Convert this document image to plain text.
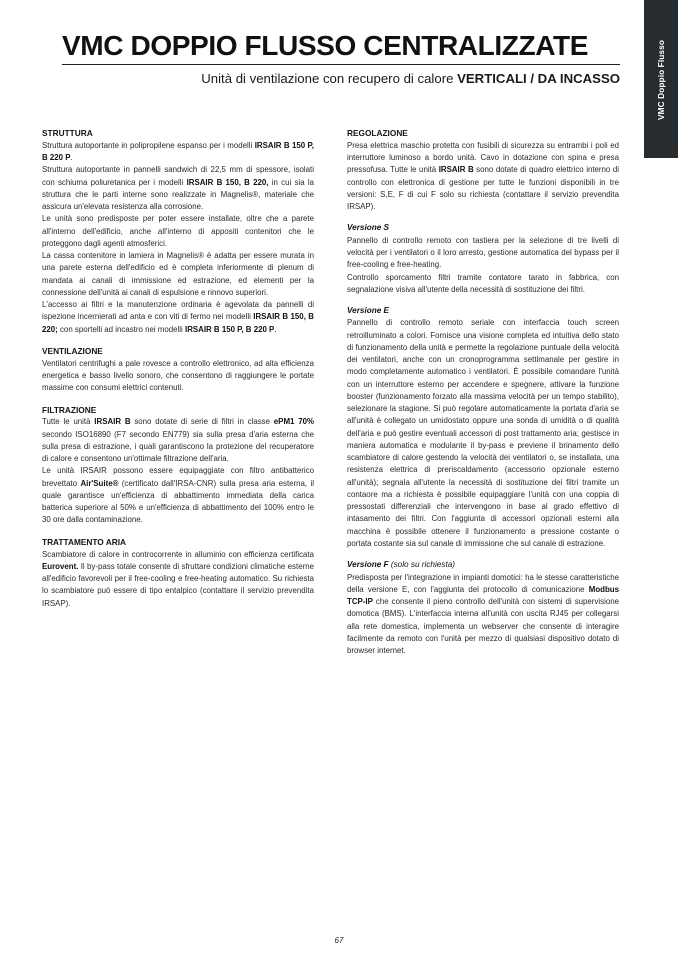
VMC DOPPIO FLUSSO CENTRALIZZATE
Unità di ventilazione con recupero di calore VERTICALI / DA INCASSO	VMC Doppio Flusso
STRUTTURA

Struttura autoportante in polipropilene espanso per i modelli IRSAIR B 150 P, B 220 P.

Struttura autoportante in pannelli sandwich di 22,5 mm di spessore, isolati con schiuma poliuretanica per i modelli IRSAIR B 150, B 220, in cui sia la struttura che le parti interne sono realizzate in Magnelis®, materiale che assicura un'elevata resistenza alla corrosione.

Le unità sono predisposte per poter essere installate, oltre che a parete all'interno dell'edificio, anche all'interno di appositi contenitori che le proteggono dagli agenti atmosferici.

La cassa contenitore in lamiera in Magnelis® è adatta per essere murata in una parete esterna dell'edificio ed è completa inferiormente di plenum di mandata ai canali di immissione ed estrazione, ed elementi per la connessione dell'unità ai canali di espulsione e rinnovo superiori.

L'accesso ai filtri e la manutenzione ordinaria è agevolata da pannelli di ispezione incernierati ad anta e con viti di fermo nei modelli IRSAIR B 150, B 220; con sportelli ad incastro nei modelli IRSAIR B 150 P, B 220 P.

VENTILAZIONE

Ventilatori centrifughi a pale rovesce a controllo elettronico, ad alta efficienza energetica e basso livello sonoro, che consentono di raggiungere le portate massime con consumi elettrici contenuti.

FILTRAZIONE

Tutte le unità IRSAIR B sono dotate di serie di filtri in classe ePM1 70% secondo ISO16890 (F7 secondo EN779) sia sulla presa d'aria esterna che sulla presa di estrazione, i quali garantiscono la protezione del recuperatore di calore e consentono un'ottimale filtrazione dell'aria.

Le unità IRSAIR possono essere equipaggiate con filtro antibatterico brevettato Air'Suite® (certificato dall'IRSA-CNR) sulla presa aria esterna, il quale garantisce un'efficienza di abbattimento immediata della carica batterica superiore al 50% e un'efficienza di abbattimento del 100% entro le 30 ore dalla contaminazione.

TRATTAMENTO ARIA

Scambiatore di calore in controcorrente in alluminio con efficienza certificata Eurovent. Il by-pass totale consente di sfruttare condizioni climatiche esterne all'edificio favorevoli per il free-cooling e free-heating automatico. Su richiesta lo scambiatore può essere di tipo entalpico (contattare il servizio prevendita IRSAP).

REGOLAZIONE

Presa elettrica maschio protetta con fusibili di sicurezza su entrambi i poli ed interruttore luminoso a bordo unità. Cavo in dotazione con spina e presa pressofusa. Tutte le unità IRSAIR B sono dotate di quadro elettrico interno di controllo con elettronica di gestione per tutte le funzioni disponibili in tre versioni: S,E, F di cui F solo su richiesta (contattare il servizio prevendita IRSAP).

Versione S

Pannello di controllo remoto con tastiera per la selezione di tre livelli di velocità per i ventilatori o il loro arresto, gestione automatica del bypass per il free-cooling e free-heating.

Controllo sporcamento filtri tramite contatore tarato in fabbrica, con segnalazione visiva all'utente della necessità di sostituzione dei filtri.

Versione E

Pannello di controllo remoto seriale con interfaccia touch screen retroilluminato a colori. Fornisce una visione completa ed intuitiva dello stato di funzionamento della unità e permette la regolazione puntuale della velocità dei ventilatori, anche con un cronoprogramma settimanale per gestire in modo completamente automatico i ventilatori. È possibile comandare l'unità con un interruttore esterno per accendere e spegnere, attivare la funzione booster (funzionamento forzato alla massima velocità per un tempo stabilito), selezionare la stagione. Si può regolare automaticamente la portata d'aria se all'unità è collegato un umidostato oppure una sonda di umidità o di qualità dell'aria e può gestire eventuali accessori di post trattamento aria; gestisce in maniera automatica e modulante il by-pass e previene il brinamento dello scambiatore di calore gestendo la velocità dei ventilatori o, se installata, una resistenza elettrica di preriscaldamento (accessorio opzionale esterno all'unità); segnala all'utente la necessità di sostituzione dei filtri tramite un contaore ma a richiesta è possibile equipaggiare l'unità con una coppia di pressostati differenziali che intervengono in base al grado effettivo di intasamento dei filtri. Con l'aggiunta di accessori opzionali esterni alla macchina è possibile ottenere il funzionamento a pressione costante o portata costante sia sul canale di immissione che sul canale di estrazione.

Versione F (solo su richiesta)

Predisposta per l'integrazione in impianti domotici: ha le stesse caratteristiche della versione E, con l'aggiunta del protocollo di comunicazione Modbus TCP-IP che consente il pieno controllo dell'unità con sistemi di supervisione domotica (BMS). L'interfaccia interna all'unità con uscita RJ45 per collegarsi alla rete domestica, implementa un webserver che consente di interagire facilmente da remoto con l'unità per mezzo di qualsiasi dispositivo dotato di browser internet.

67
